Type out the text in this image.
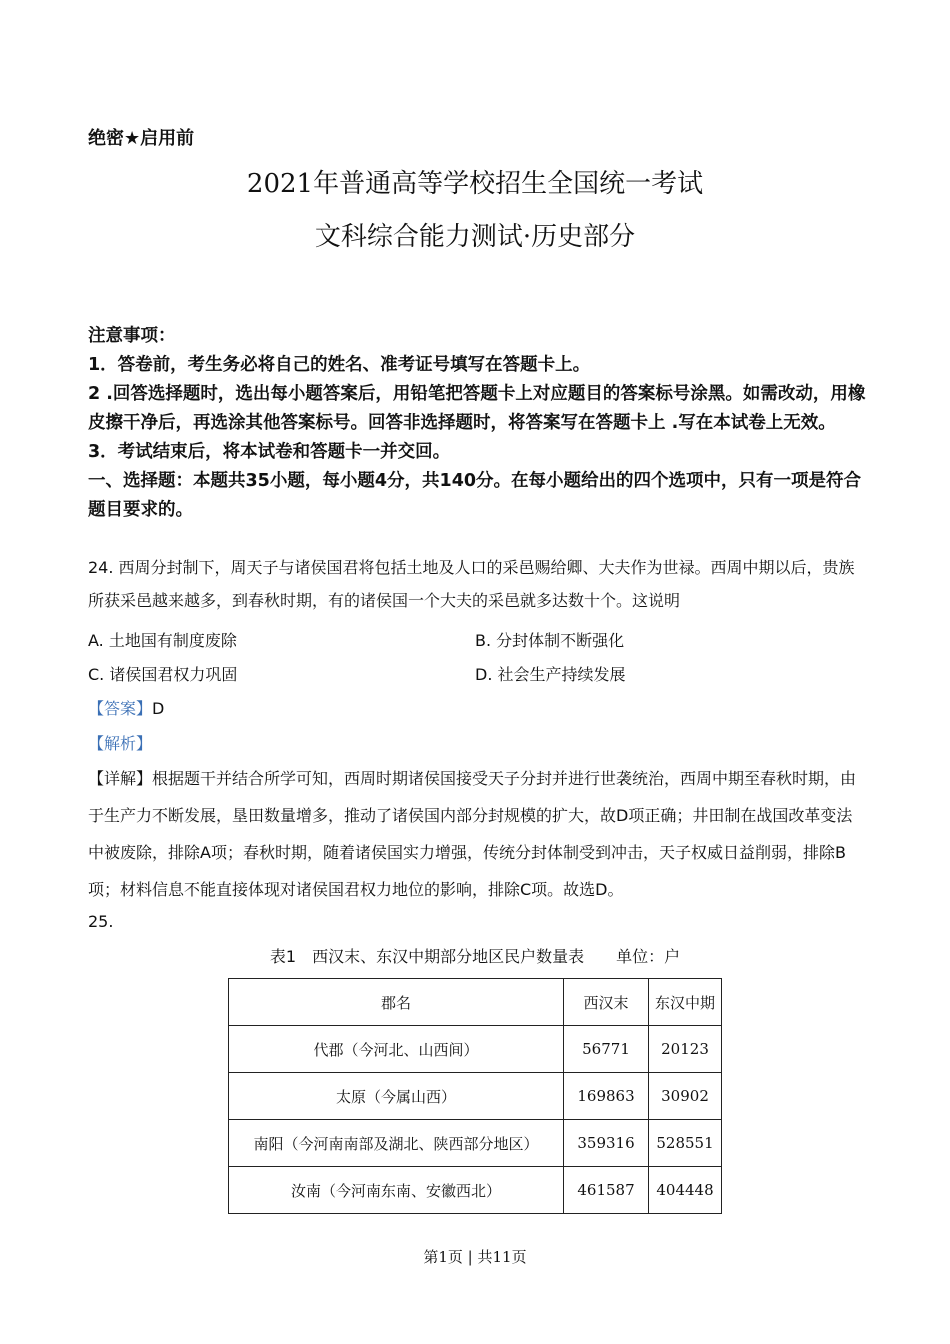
绝密★启用前
2021年普通高等学校招生全国统一考试
文科综合能力测试·历史部分
注意事项：
1．答卷前，考生务必将自己的姓名、准考证号填写在答题卡上。
2 .回答选择题时，选出每小题答案后，用铅笔把答题卡上对应题目的答案标号涂黑。如需改动，用橡皮擦干净后，再选涂其他答案标号。回答非选择题时，将答案写在答题卡上 .写在本试卷上无效。
3．考试结束后，将本试卷和答题卡一并交回。
一、选择题：本题共35小题，每小题4分，共140分。在每小题给出的四个选项中，只有一项是符合题目要求的。
24. 西周分封制下，周天子与诸侯国君将包括土地及人口的采邑赐给卿、大夫作为世禄。西周中期以后，贵族所获采邑越来越多，到春秋时期，有的诸侯国一个大夫的采邑就多达数十个。这说明
A. 土地国有制度废除	B. 分封体制不断强化
C. 诸侯国君权力巩固	D. 社会生产持续发展
【答案】D
【解析】
【详解】根据题干并结合所学可知，西周时期诸侯国接受天子分封并进行世袭统治，西周中期至春秋时期，由于生产力不断发展，垦田数量增多，推动了诸侯国内部分封规模的扩大，故D项正确；井田制在战国改革变法中被废除，排除A项；春秋时期，随着诸侯国实力增强，传统分封体制受到冲击，天子权威日益削弱，排除B项；材料信息不能直接体现对诸侯国君权力地位的影响，排除C项。故选D。
25.
表1　西汉末、东汉中期部分地区民户数量表　　单位：户
郡名	西汉末	东汉中期
代郡（今河北、山西间）	56771	20123
太原（今属山西）	169863	30902
南阳（今河南南部及湖北、陕西部分地区）	359316	528551
汝南（今河南东南、安徽西北）	461587	404448
第1页 | 共11页
